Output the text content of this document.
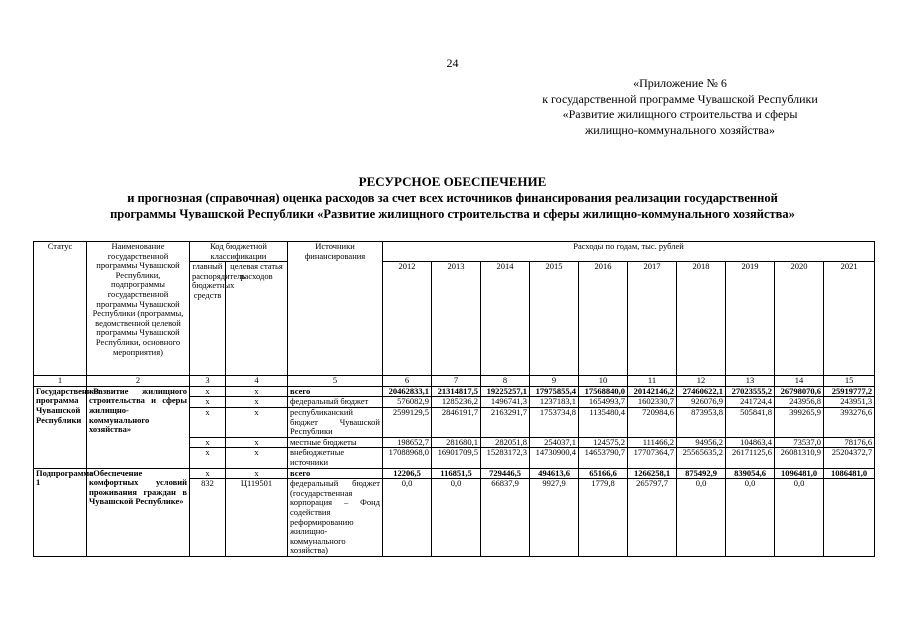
24
«Приложение № 6
к государственной программе Чувашской Республики
«Развитие жилищного строительства и сферы
жилищно-коммунального хозяйства»
РЕСУРСНОЕ ОБЕСПЕЧЕНИЕ
и прогнозная (справочная) оценка расходов за счет всех источников финансирования реализации государственной
программы Чувашской Республики «Развитие жилищного строительства и сферы жилищно-коммунального хозяйства»
Статус	Наименование государственной программы Чувашской Республики, подпрограммы государственной программы Чувашской Республики (программы, ведомственной целевой программы Чувашской Республики, основного мероприятия)	Код бюджетной классификации		Источники финансирования	Расходы по годам, тыс. рублей									
		главный распорядитель бюджетных средств	целевая статья расходов		2012	2013	2014	2015	2016	2017	2018	2019	2020	2021

1	2	3	4	5	6	7	8	9	10	11	12	13	14	15
Государственная программа Чувашской Республики	«Развитие жилищного строительства и сферы жилищно-коммунального хозяйства»	x	x	всего	20462833,1	21314817,5	19225257,1	17975855,4	17568840,0	20142146,2	27460622,1	27023555,2	26798070,6	25919777,2
		x	x	федеральный бюджет	576082,9	1285236,2	1496741,3	1237183,1	1654993,7	1602330,7	926076,9	241724,4	243956,8	243951,3
		x	x	республиканский бюджет Чувашской Республики	2599129,5	2846191,7	2163291,7	1753734,8	1135480,4	720984,6	873953,8	505841,8	399265,9	393276,6
		x	x	местные бюджеты	198652,7	281680,1	282051,8	254037,1	124575,2	111466,2	94956,2	104863,4	73537,0	78176,6
		x	x	внебюджетные источники	17088968,0	16901709,5	15283172,3	14730900,4	14653790,7	17707364,7	25565635,2	26171125,6	26081310,9	25204372,7
Подпрограмма 1	«Обеспечение комфортных условий проживания граждан в Чувашской Республике»	x	x	всего	12206,5	116851,5	729446,5	494613,6	65166,6	1266258,1	875492,9	839054,6	1096481,0	1086481,0
		832	Ц119501	федеральный бюджет (государственная корпорация – Фонд содействия реформированию жилищно-коммунального хозяйства)	0,0	0,0	66837,9	9927,9	1779,8	265797,7	0,0	0,0	0,0	
